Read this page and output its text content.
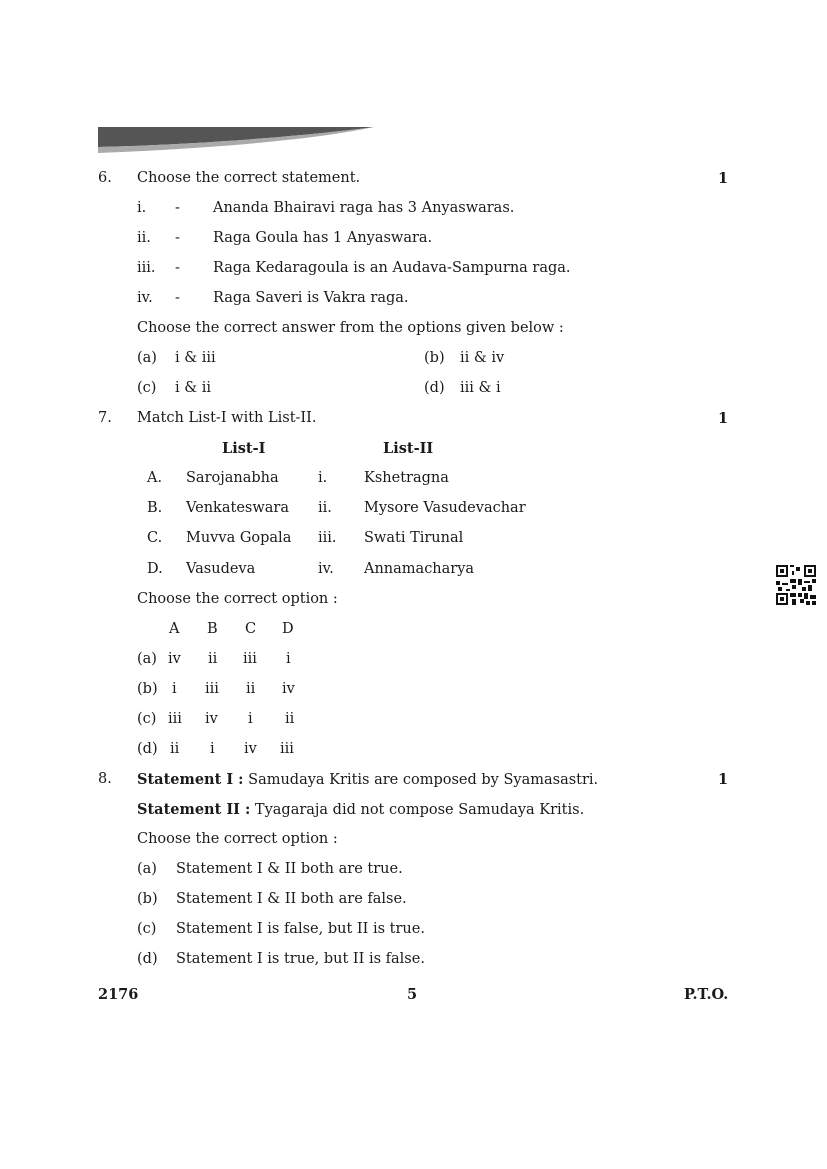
6. Choose the correct statement.	1
i. - Ananda Bhairavi raga has 3 Anyaswaras.
ii. - Raga Goula has 1 Anyaswara.
iii. - Raga Kedaragoula is an Audava-Sampurna raga.
iv. - Raga Saveri is Vakra raga.
Choose the correct answer from the options given below :
(a) i & iii	(b) ii & iv
(c) i & ii	(d) iii & i
7. Match List-I with List-II.	1
List-I	List-II
A. Sarojanabha	i.	Kshetragna
B. Venkateswara ii. Mysore Vasudevachar
C. Muvva Gopala iii. Swati Tirunal
D. Vasudeva	iv. Annamacharya
Choose the correct option :
A B C D
(a) iv ii iii i
(b) i iii ii iv
(c) iii iv i ii
(d) ii i iv iii
8. Statement I : Samudaya Kritis are composed by Syamasastri.	1
Statement II : Tyagaraja did not compose Samudaya Kritis.
Choose the correct option :
(a) Statement I & II both are true.
(b) Statement I & II both are false.
(c) Statement I is false, but II is true.
(d) Statement I is true, but II is false.
2176	5	P.T.O.
